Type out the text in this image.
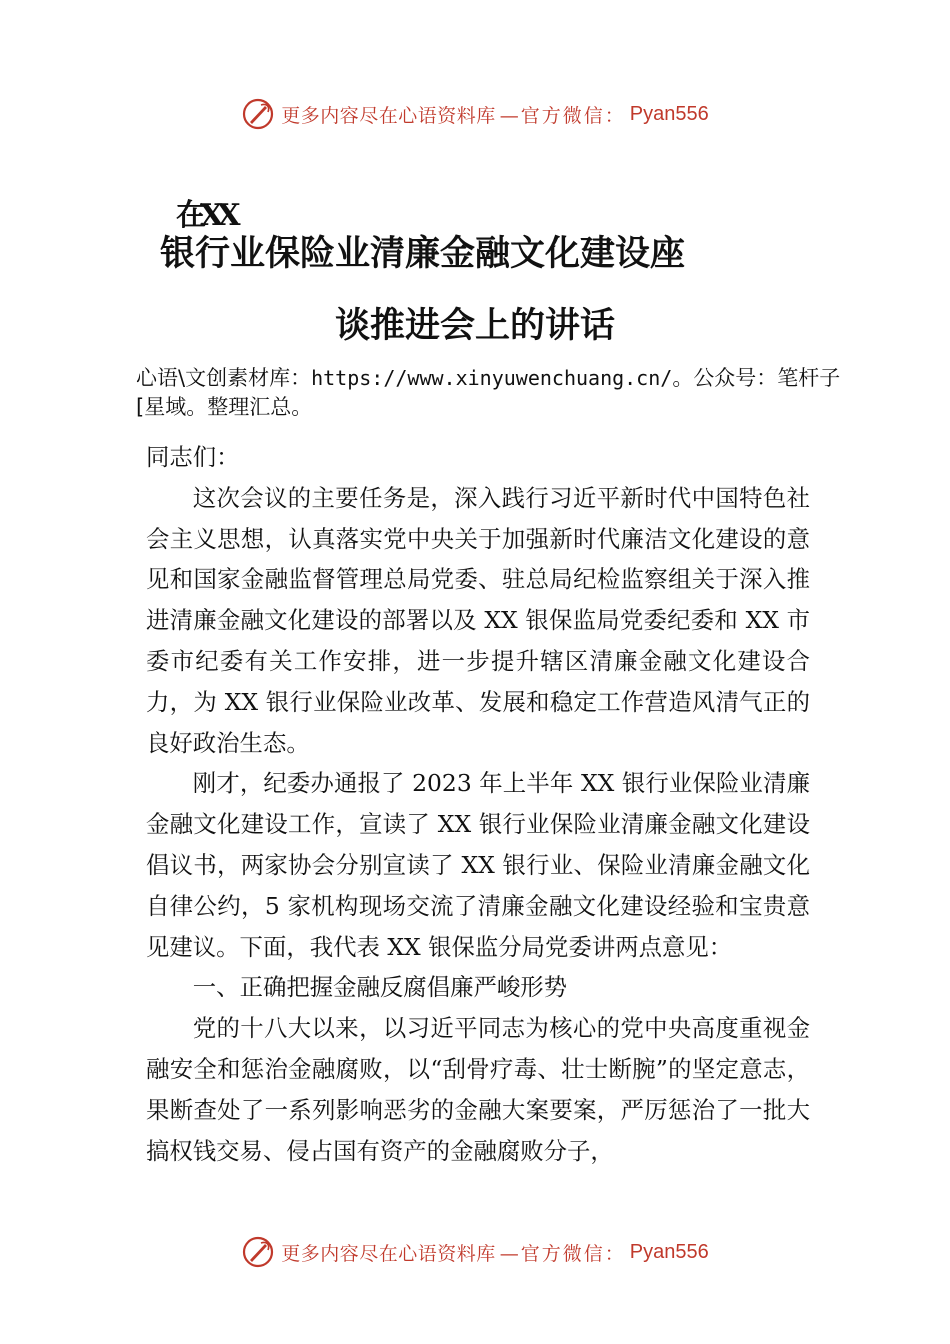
更多内容尽在心语资料库 —官方微信： Pyan556
在XX
银行业保险业清廉金融文化建设座
谈推进会上的讲话
心语\文创素材库：https://www.xinyuwenchuang.cn/。公众号：笔杆子[星域。整理汇总。

同志们：

这次会议的主要任务是，深入践行习近平新时代中国特色社会主义思想，认真落实党中央关于加强新时代廉洁文化建设的意见和国家金融监督管理总局党委、驻总局纪检监察组关于深入推进清廉金融文化建设的部署以及 XX 银保监局党委纪委和 XX 市委市纪委有关工作安排，进一步提升辖区清廉金融文化建设合力，为 XX 银行业保险业改革、发展和稳定工作营造风清气正的良好政治生态。

刚才，纪委办通报了 2023 年上半年 XX 银行业保险业清廉金融文化建设工作，宣读了 XX 银行业保险业清廉金融文化建设倡议书，两家协会分别宣读了 XX 银行业、保险业清廉金融文化自律公约，5 家机构现场交流了清廉金融文化建设经验和宝贵意见建议。下面，我代表 XX 银保监分局党委讲两点意见：

一、正确把握金融反腐倡廉严峻形势

党的十八大以来，以习近平同志为核心的党中央高度重视金融安全和惩治金融腐败，以“刮骨疗毒、壮士断腕”的坚定意志，果断查处了一系列影响恶劣的金融大案要案，严厉惩治了一批大搞权钱交易、侵占国有资产的金融腐败分子，

更多内容尽在心语资料库 —官方微信： Pyan556
